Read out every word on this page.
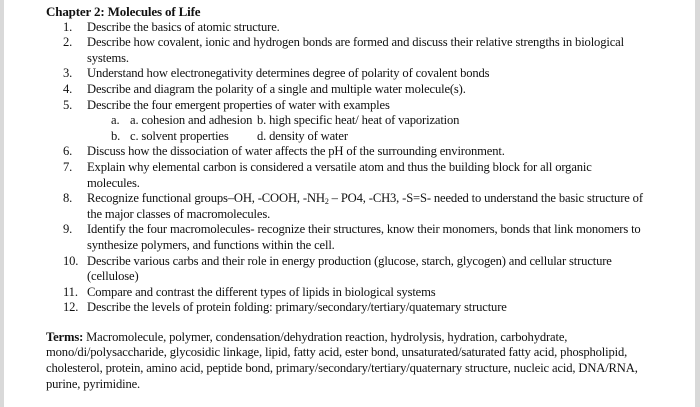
Chapter 2: Molecules of Life
1. Describe the basics of atomic structure.
2. Describe how covalent, ionic and hydrogen bonds are formed and discuss their relative strengths in biological systems.
3. Understand how electronegativity determines degree of polarity of covalent bonds
4. Describe and diagram the polarity of a single and multiple water molecule(s).
5. Describe the four emergent properties of water with examples
a. a. cohesion and adhesion b. high specific heat/ heat of vaporization
b. c. solvent properties	d. density of water
6. Discuss how the dissociation of water affects the pH of the surrounding environment.
7. Explain why elemental carbon is considered a versatile atom and thus the building block for all organic molecules.
8. Recognize functional groups–OH, -COOH, $-NH_2 - PO4$, -CH3, -S=S- needed to understand the basic structure of the major classes of macromolecules.
9. Identify the four macromolecules- recognize their structures, know their monomers, bonds that link monomers to synthesize polymers, and functions within the cell.
10. Describe various carbs and their role in energy production (glucose, starch, glycogen) and cellular structure (cellulose)
11. Compare and contrast the different types of lipids in biological systems
12. Describe the levels of protein folding: primary/secondary/tertiary/quatemary structure
Terms: Macromolecule, polymer, condensation/dehydration reaction, hydrolysis, hydration, carbohydrate, mono/di/polysaccharide, glycosidic linkage, lipid, fatty acid, ester bond, unsaturated/saturated fatty acid, phospholipid, cholesterol, protein, amino acid, peptide bond, primary/secondary/tertiary/quaternary structure, nucleic acid, DNA/RNA, purine, pyrimidine.
